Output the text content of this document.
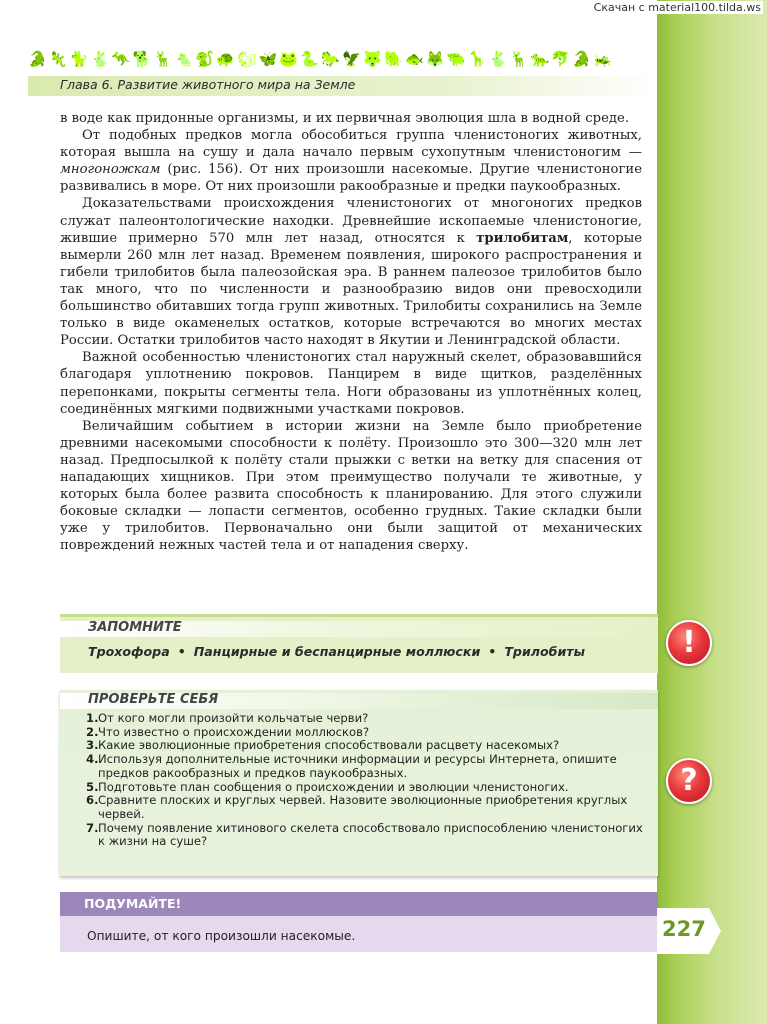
Скачан с material100.tilda.ws
🐊 🦎 🐈 🐇 🦘 🐕 🦌 🐁 🐒 🐢 🐿 🦋 🐸 🐍 🐎 🦅 🐺 🐘 🐟 🦊 🐃 🦒 🐇 🦌 🐆 🐬 🐊 🦗
Глава 6. Развитие животного мира на Земле

в воде как придонные организмы, и их первичная эволюция шла в водной среде.

От подобных предков могла обособиться группа членистоногих животных, которая вышла на сушу и дала начало первым сухопутным членистоногим — многоножкам (рис. 156). От них произошли насекомые. Другие членистоногие развивались в море. От них произошли ракообразные и предки паукообразных.

Доказательствами происхождения членистоногих от многоногих предков служат палеонтологические находки. Древнейшие ископаемые членистоногие, жившие примерно 570 млн лет назад, относятся к трилобитам, которые вымерли 260 млн лет назад. Временем появления, широкого распространения и гибели трилобитов была палеозойская эра. В раннем палеозое трилобитов было так много, что по численности и разнообразию видов они превосходили большинство обитавших тогда групп животных. Трилобиты сохранились на Земле только в виде окаменелых остатков, которые встречаются во многих местах России. Остатки трилобитов часто находят в Якутии и Ленинградской области.

Важной особенностью членистоногих стал наружный скелет, образовавшийся благодаря уплотнению покровов. Панцирем в виде щитков, разделённых перепонками, покрыты сегменты тела. Ноги образованы из уплотнённых колец, соединённых мягкими подвижными участками покровов.

Величайшим событием в истории жизни на Земле было приобретение древними насекомыми способности к полёту. Произошло это 300—320 млн лет назад. Предпосылкой к полёту стали прыжки с ветки на ветку для спасения от нападающих хищников. При этом преимущество получали те животные, у которых была более развита способность к планированию. Для этого служили боковые складки — лопасти сегментов, особенно грудных. Такие складки были уже у трилобитов. Первоначально они были защитой от механических повреждений нежных частей тела и от нападения сверху.

ЗАПОМНИТЕ
Трохофора • Панцирные и беспанцирные моллюски • Трилобиты	!
ПРОВЕРЬТЕ СЕБЯ
1. От кого могли произойти кольчатые черви?
2. Что известно о происхождении моллюсков?
3. Какие эволюционные приобретения способствовали расцвету насекомых?
4. Используя дополнительные источники информации и ресурсы Интернета, опишите предков ракообразных и предков паукообразных.
5. Подготовьте план сообщения о происхождении и эволюции членистоногих.
6. Сравните плоских и круглых червей. Назовите эволюционные приобретения круглых червей.
7. Почему появление хитинового скелета способствовало приспособлению членистоногих к жизни на суше?
?
ПОДУМАЙТЕ!
Опишите, от кого произошли насекомые.	227
